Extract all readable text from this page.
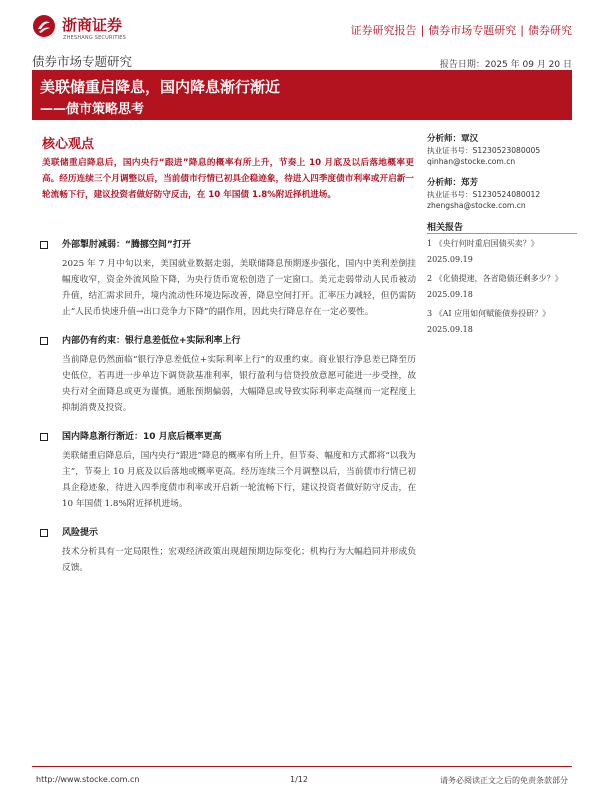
浙商证券
ZHESHANG SECURITIES
证券研究报告 | 债券市场专题研究 | 债券研究
债券市场专题研究	报告日期：2025 年 09 月 20 日
美联储重启降息，国内降息渐行渐近
——债市策略思考
核心观点
美联储重启降息后，国内央行“跟进”降息的概率有所上升，节奏上 10 月底及以后落地概率更高。经历连续三个月调整以后，当前债市行情已初具企稳迹象，待进入四季度债市利率或开启新一轮流畅下行，建议投资者做好防守反击，在 10 年国债 1.8%附近择机进场。
分析师：覃汉
执业证书号：S1230523080005
qinhan@stocke.com.cn
分析师：郑芳
执业证书号：S1230524080012
zhengsha@stocke.com.cn
相关报告
1 《央行何时重启国债买卖？》 2025.09.19
2 《化债提速，各省隐债还剩多少？》 2025.09.18
3 《AI 应用如何赋能债券投研？》 2025.09.18
外部掣肘减弱：“腾挪空间”打开
2025 年 7 月中旬以来，美国就业数据走弱，美联储降息预期逐步强化，国内中美利差倒挂幅度收窄，资金外流风险下降，为央行货币宽松创造了一定窗口。美元走弱带动人民币被动升值，结汇需求回升，境内流动性环境边际改善，降息空间打开。汇率压力减轻，但仍需防止“人民币快速升值→出口竞争力下降”的副作用，因此央行降息存在一定必要性。
内部仍有约束：银行息差低位+实际利率上行
当前降息仍然面临“银行净息差低位+实际利率上行”的双重约束。商业银行净息差已降至历史低位，若再进一步单边下调贷款基准利率，银行盈利与信贷投放意愿可能进一步受挫，故央行对全面降息或更为谨慎。通胀预期偏弱，大幅降息或导致实际利率走高继而一定程度上抑制消费及投资。
国内降息渐行渐近：10 月底后概率更高
美联储重启降息后，国内央行“跟进”降息的概率有所上升，但节奏、幅度和方式都将“以我为主”，节奏上 10 月底及以后落地或概率更高。经历连续三个月调整以后，当前债市行情已初具企稳迹象，待进入四季度债市利率或开启新一轮流畅下行，建议投资者做好防守反击，在 10 年国债 1.8%附近择机进场。
风险提示
技术分析具有一定局限性；宏观经济政策出现超预期边际变化；机构行为大幅趋同并形成负反馈。
http://www.stocke.com.cn	1/12	请务必阅读正文之后的免责条款部分
